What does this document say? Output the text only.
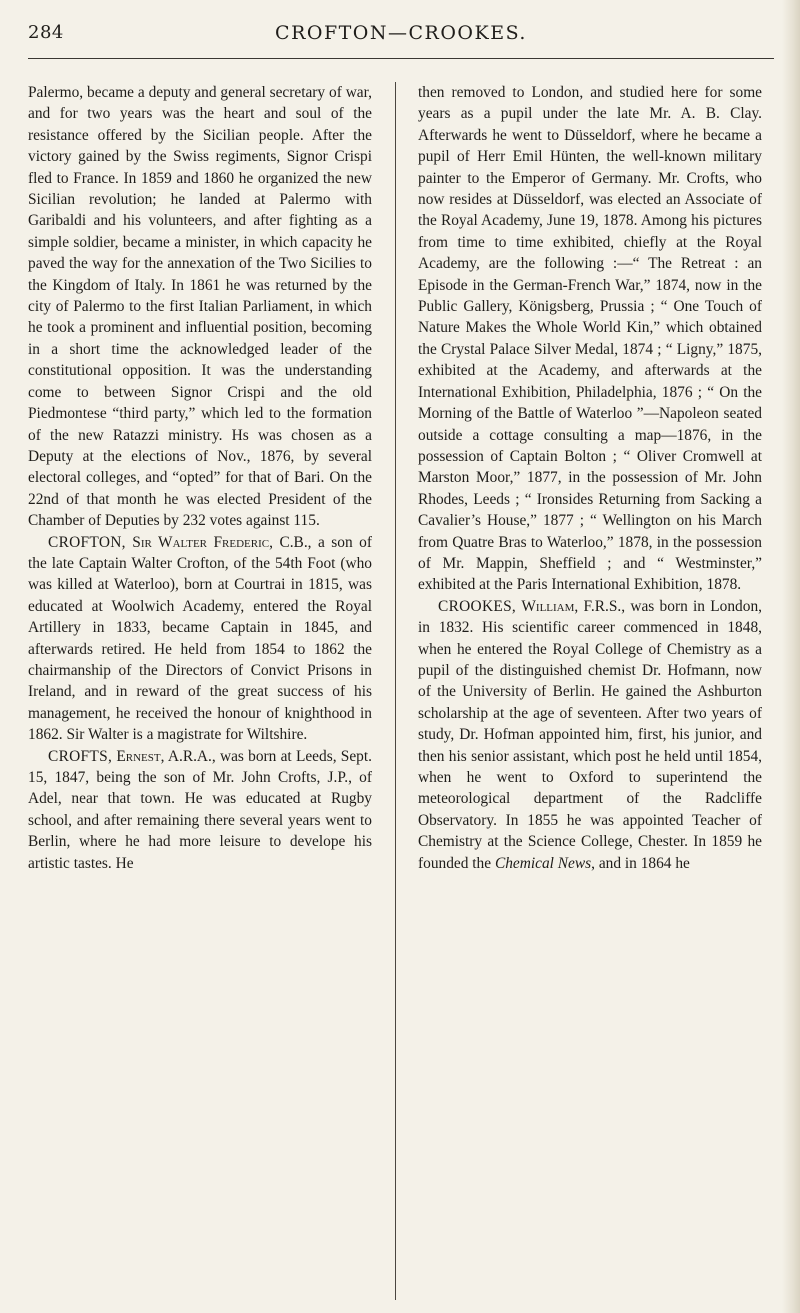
284	CROFTON—CROOKES.

Palermo, became a deputy and general secretary of war, and for two years was the heart and soul of the resistance offered by the Sicilian people. After the victory gained by the Swiss regiments, Signor Crispi fled to France. In 1859 and 1860 he organized the new Sicilian revolution; he landed at Palermo with Garibaldi and his volunteers, and after fighting as a simple soldier, became a minister, in which capacity he paved the way for the annexation of the Two Sicilies to the Kingdom of Italy. In 1861 he was returned by the city of Palermo to the first Italian Parliament, in which he took a prominent and influential position, becoming in a short time the acknowledged leader of the constitutional opposition. It was the understanding come to between Signor Crispi and the old Piedmontese “third party,” which led to the formation of the new Ratazzi ministry. Hs was chosen as a Deputy at the elections of Nov., 1876, by several electoral colleges, and “opted” for that of Bari. On the 22nd of that month he was elected President of the Chamber of Deputies by 232 votes against 115.

CROFTON, Sir Walter Frederic, C.B., a son of the late Captain Walter Crofton, of the 54th Foot (who was killed at Waterloo), born at Courtrai in 1815, was educated at Woolwich Academy, entered the Royal Artillery in 1833, became Captain in 1845, and afterwards retired. He held from 1854 to 1862 the chairmanship of the Directors of Convict Prisons in Ireland, and in reward of the great success of his management, he received the honour of knighthood in 1862. Sir Walter is a magistrate for Wiltshire.

CROFTS, Ernest, A.R.A., was born at Leeds, Sept. 15, 1847, being the son of Mr. John Crofts, J.P., of Adel, near that town. He was educated at Rugby school, and after remaining there several years went to Berlin, where he had more leisure to develope his artistic tastes. He

then removed to London, and studied here for some years as a pupil under the late Mr. A. B. Clay. Afterwards he went to Düsseldorf, where he became a pupil of Herr Emil Hünten, the well-known military painter to the Emperor of Germany. Mr. Crofts, who now resides at Düsseldorf, was elected an Associate of the Royal Academy, June 19, 1878. Among his pictures from time to time exhibited, chiefly at the Royal Academy, are the following :—“ The Retreat : an Episode in the German-French War,” 1874, now in the Public Gallery, Königsberg, Prussia ; “ One Touch of Nature Makes the Whole World Kin,” which obtained the Crystal Palace Silver Medal, 1874 ; “ Ligny,” 1875, exhibited at the Academy, and afterwards at the International Exhibition, Philadelphia, 1876 ; “ On the Morning of the Battle of Waterloo ”—Napoleon seated outside a cottage consulting a map—1876, in the possession of Captain Bolton ; “ Oliver Cromwell at Marston Moor,” 1877, in the possession of Mr. John Rhodes, Leeds ; “ Ironsides Returning from Sacking a Cavalier’s House,” 1877 ; “ Wellington on his March from Quatre Bras to Waterloo,” 1878, in the possession of Mr. Mappin, Sheffield ; and “ Westminster,” exhibited at the Paris International Exhibition, 1878.

CROOKES, William, F.R.S., was born in London, in 1832. His scientific career commenced in 1848, when he entered the Royal College of Chemistry as a pupil of the distinguished chemist Dr. Hofmann, now of the University of Berlin. He gained the Ashburton scholarship at the age of seventeen. After two years of study, Dr. Hofman appointed him, first, his junior, and then his senior assistant, which post he held until 1854, when he went to Oxford to superintend the meteorological department of the Radcliffe Observatory. In 1855 he was appointed Teacher of Chemistry at the Science College, Chester. In 1859 he founded the Chemical News, and in 1864 he
